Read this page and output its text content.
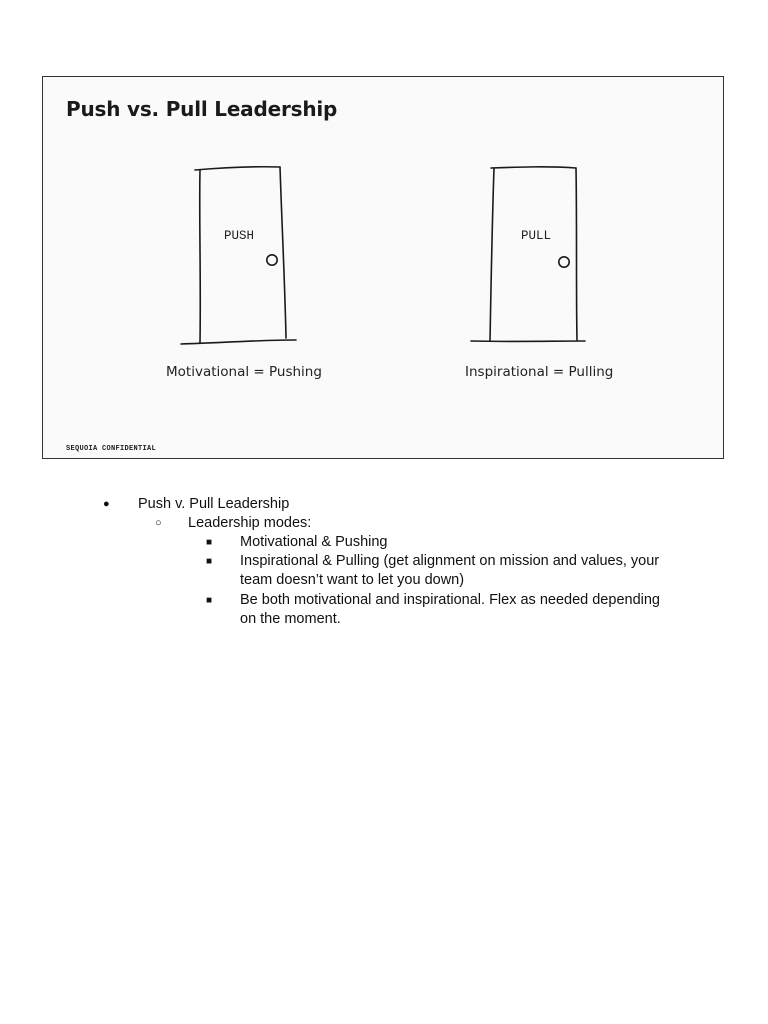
Push vs. Pull Leadership
PUSH	PULL
Motivational = Pushing	Inspirational = Pulling
SEQUOIA CONFIDENTIAL
● Push v. Pull Leadership
○ Leadership modes:
■ Motivational & Pushing
■ Inspirational & Pulling (get alignment on mission and values, your team doesn’t want to let you down)
■ Be both motivational and inspirational. Flex as needed depending on the moment.
